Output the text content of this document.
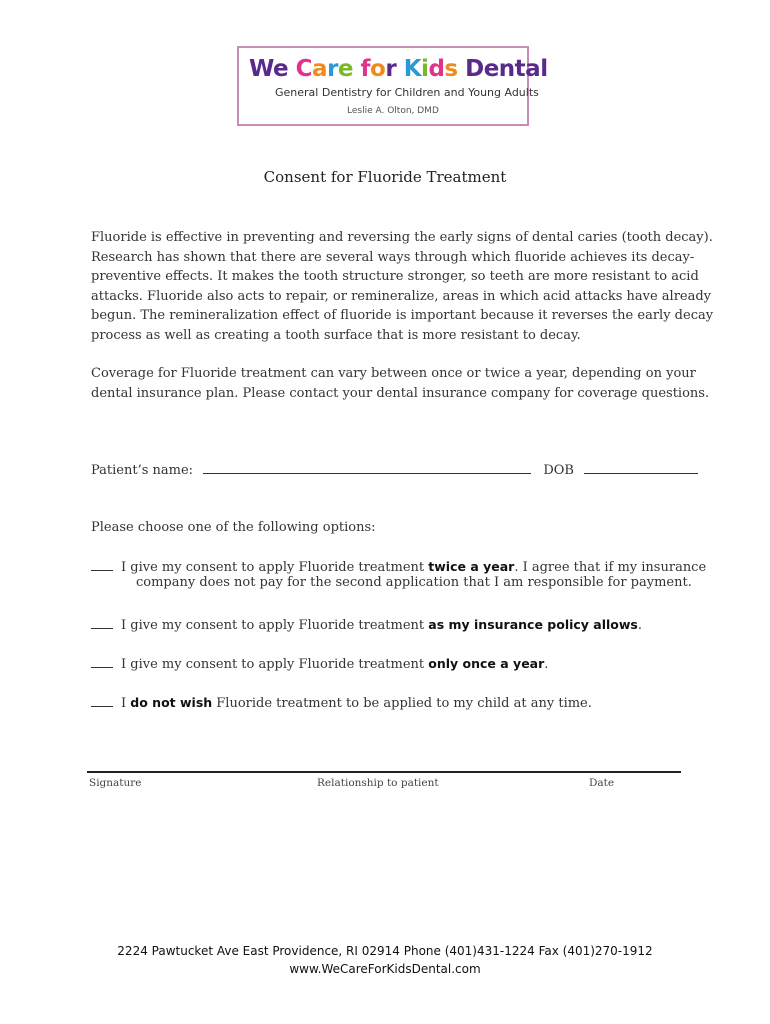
We Care for Kids Dental
General Dentistry for Children and Young Adults
Leslie A. Olton, DMD
Consent for Fluoride Treatment
Fluoride is effective in preventing and reversing the early signs of dental caries (tooth decay).
Research has shown that there are several ways through which fluoride achieves its decay-
preventive effects. It makes the tooth structure stronger, so teeth are more resistant to acid
attacks. Fluoride also acts to repair, or remineralize, areas in which acid attacks have already
begun. The remineralization effect of fluoride is important because it reverses the early decay
process as well as creating a tooth surface that is more resistant to decay.
Coverage for Fluoride treatment can vary between once or twice a year, depending on your
dental insurance plan. Please contact your dental insurance company for coverage questions.
Patient’s name:	DOB
Please choose one of the following options:
I give my consent to apply Fluoride treatment twice a year. I agree that if my insurance
company does not pay for the second application that I am responsible for payment.
I give my consent to apply Fluoride treatment as my insurance policy allows.
I give my consent to apply Fluoride treatment only once a year.
I do not wish Fluoride treatment to be applied to my child at any time.
Signature	Relationship to patient	Date
2224 Pawtucket Ave East Providence, RI 02914 Phone (401)431-1224 Fax (401)270-1912
www.WeCareForKidsDental.com
